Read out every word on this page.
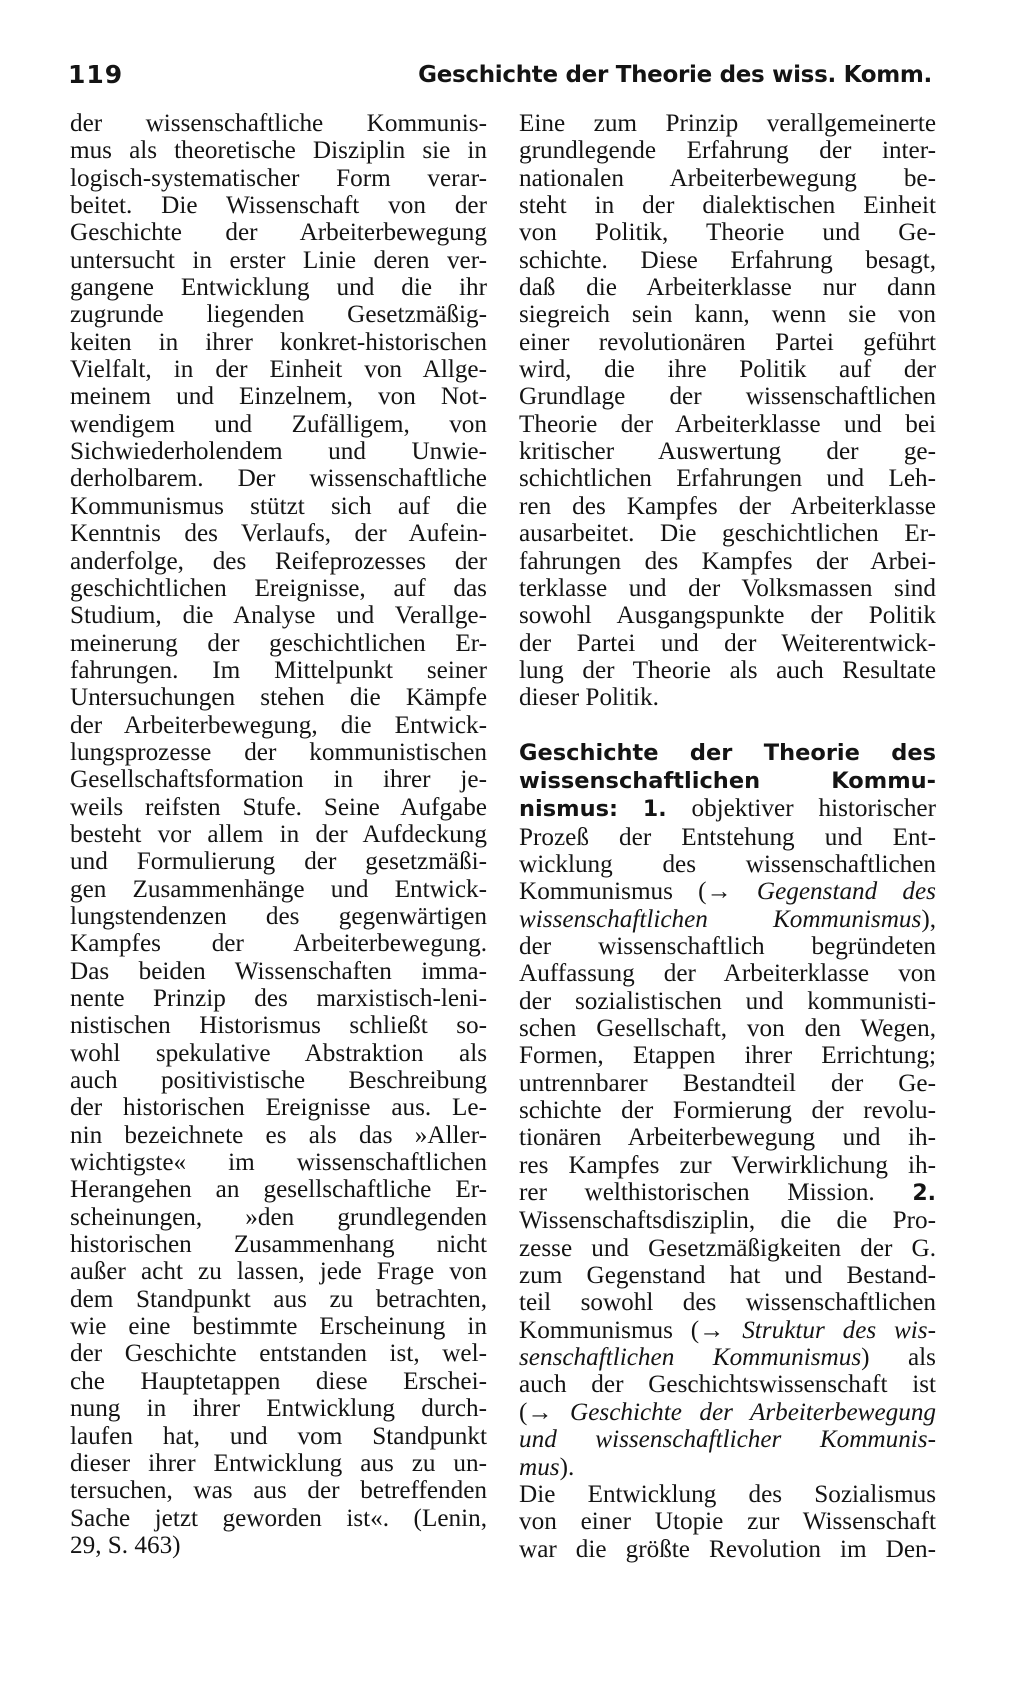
119	Geschichte der Theorie des wiss. Komm.
der wissenschaftliche Kommunis-
mus als theoretische Disziplin sie in
logisch-systematischer Form verar-
beitet. Die Wissenschaft von der
Geschichte der Arbeiterbewegung
untersucht in erster Linie deren ver-
gangene Entwicklung und die ihr
zugrunde liegenden Gesetzmäßig-
keiten in ihrer konkret-historischen
Vielfalt, in der Einheit von Allge-
meinem und Einzelnem, von Not-
wendigem und Zufälligem, von
Sichwiederholendem und Unwie-
derholbarem. Der wissenschaftliche
Kommunismus stützt sich auf die
Kenntnis des Verlaufs, der Aufein-
anderfolge, des Reifeprozesses der
geschichtlichen Ereignisse, auf das
Studium, die Analyse und Verallge-
meinerung der geschichtlichen Er-
fahrungen. Im Mittelpunkt seiner
Untersuchungen stehen die Kämpfe
der Arbeiterbewegung, die Entwick-
lungsprozesse der kommunistischen
Gesellschaftsformation in ihrer je-
weils reifsten Stufe. Seine Aufgabe
besteht vor allem in der Aufdeckung
und Formulierung der gesetzmäßi-
gen Zusammenhänge und Entwick-
lungstendenzen des gegenwärtigen
Kampfes der Arbeiterbewegung.
Das beiden Wissenschaften imma-
nente Prinzip des marxistisch-leni-
nistischen Historismus schließt so-
wohl spekulative Abstraktion als
auch positivistische Beschreibung
der historischen Ereignisse aus. Le-
nin bezeichnete es als das »Aller-
wichtigste« im wissenschaftlichen
Herangehen an gesellschaftliche Er-
scheinungen, »den grundlegenden
historischen Zusammenhang nicht
außer acht zu lassen, jede Frage von
dem Standpunkt aus zu betrachten,
wie eine bestimmte Erscheinung in
der Geschichte entstanden ist, wel-
che Hauptetappen diese Erschei-
nung in ihrer Entwicklung durch-
laufen hat, und vom Standpunkt
dieser ihrer Entwicklung aus zu un-
tersuchen, was aus der betreffenden
Sache jetzt geworden ist«. (Lenin,
29, S. 463)
Eine zum Prinzip verallgemeinerte
grundlegende Erfahrung der inter-
nationalen Arbeiterbewegung be-
steht in der dialektischen Einheit
von Politik, Theorie und Ge-
schichte. Diese Erfahrung besagt,
daß die Arbeiterklasse nur dann
siegreich sein kann, wenn sie von
einer revolutionären Partei geführt
wird, die ihre Politik auf der
Grundlage der wissenschaftlichen
Theorie der Arbeiterklasse und bei
kritischer Auswertung der ge-
schichtlichen Erfahrungen und Leh-
ren des Kampfes der Arbeiterklasse
ausarbeitet. Die geschichtlichen Er-
fahrungen des Kampfes der Arbei-
terklasse und der Volksmassen sind
sowohl Ausgangspunkte der Politik
der Partei und der Weiterentwick-
lung der Theorie als auch Resultate
dieser Politik.
Geschichte der Theorie des
wissenschaftlichen Kommu-
nismus: 1. objektiver historischer
Prozeß der Entstehung und Ent-
wicklung des wissenschaftlichen
Kommunismus (→ Gegenstand des
wissenschaftlichen Kommunismus),
der wissenschaftlich begründeten
Auffassung der Arbeiterklasse von
der sozialistischen und kommunisti-
schen Gesellschaft, von den Wegen,
Formen, Etappen ihrer Errichtung;
untrennbarer Bestandteil der Ge-
schichte der Formierung der revolu-
tionären Arbeiterbewegung und ih-
res Kampfes zur Verwirklichung ih-
rer welthistorischen Mission. 2.
Wissenschaftsdisziplin, die die Pro-
zesse und Gesetzmäßigkeiten der G.
zum Gegenstand hat und Bestand-
teil sowohl des wissenschaftlichen
Kommunismus (→ Struktur des wis-
senschaftlichen Kommunismus) als
auch der Geschichtswissenschaft ist
(→ Geschichte der Arbeiterbewegung
und wissenschaftlicher Kommunis-
mus).
Die Entwicklung des Sozialismus
von einer Utopie zur Wissenschaft
war die größte Revolution im Den-
